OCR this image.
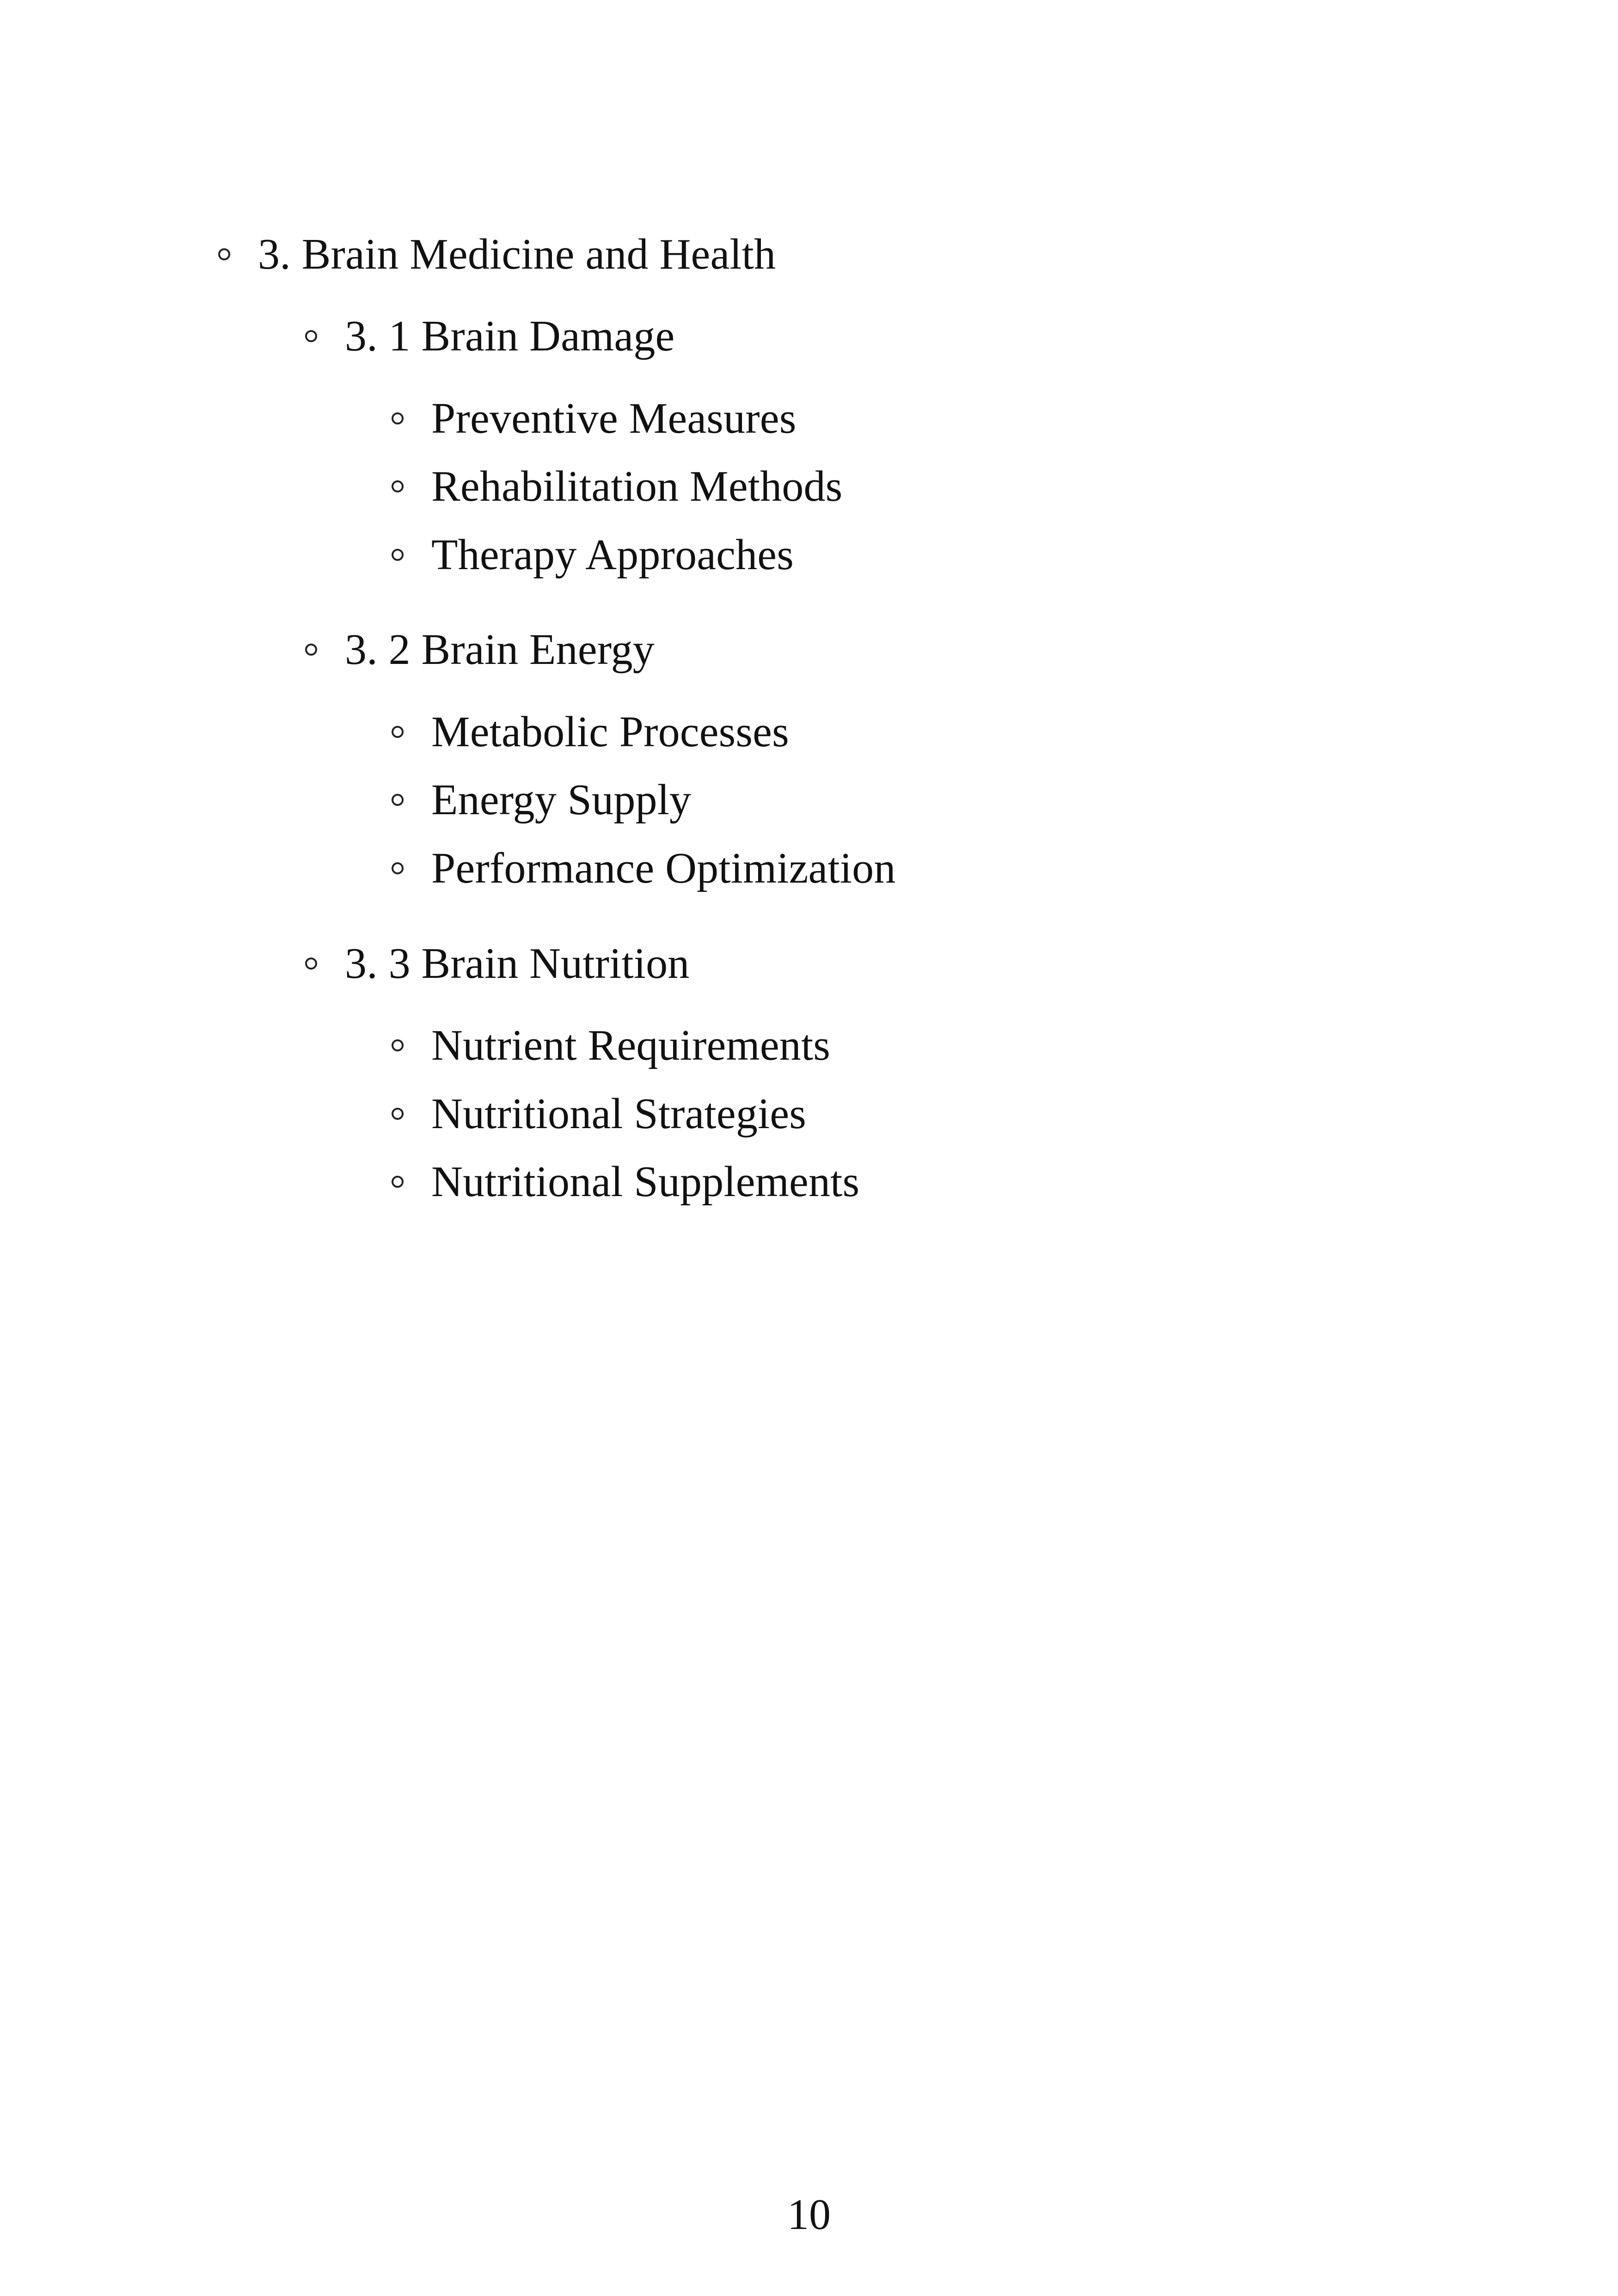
3. Brain Medicine and Health
3. 1 Brain Damage
Preventive Measures
Rehabilitation Methods
Therapy Approaches
3. 2 Brain Energy
Metabolic Processes
Energy Supply
Performance Optimization
3. 3 Brain Nutrition
Nutrient Requirements
Nutritional Strategies
Nutritional Supplements
10
